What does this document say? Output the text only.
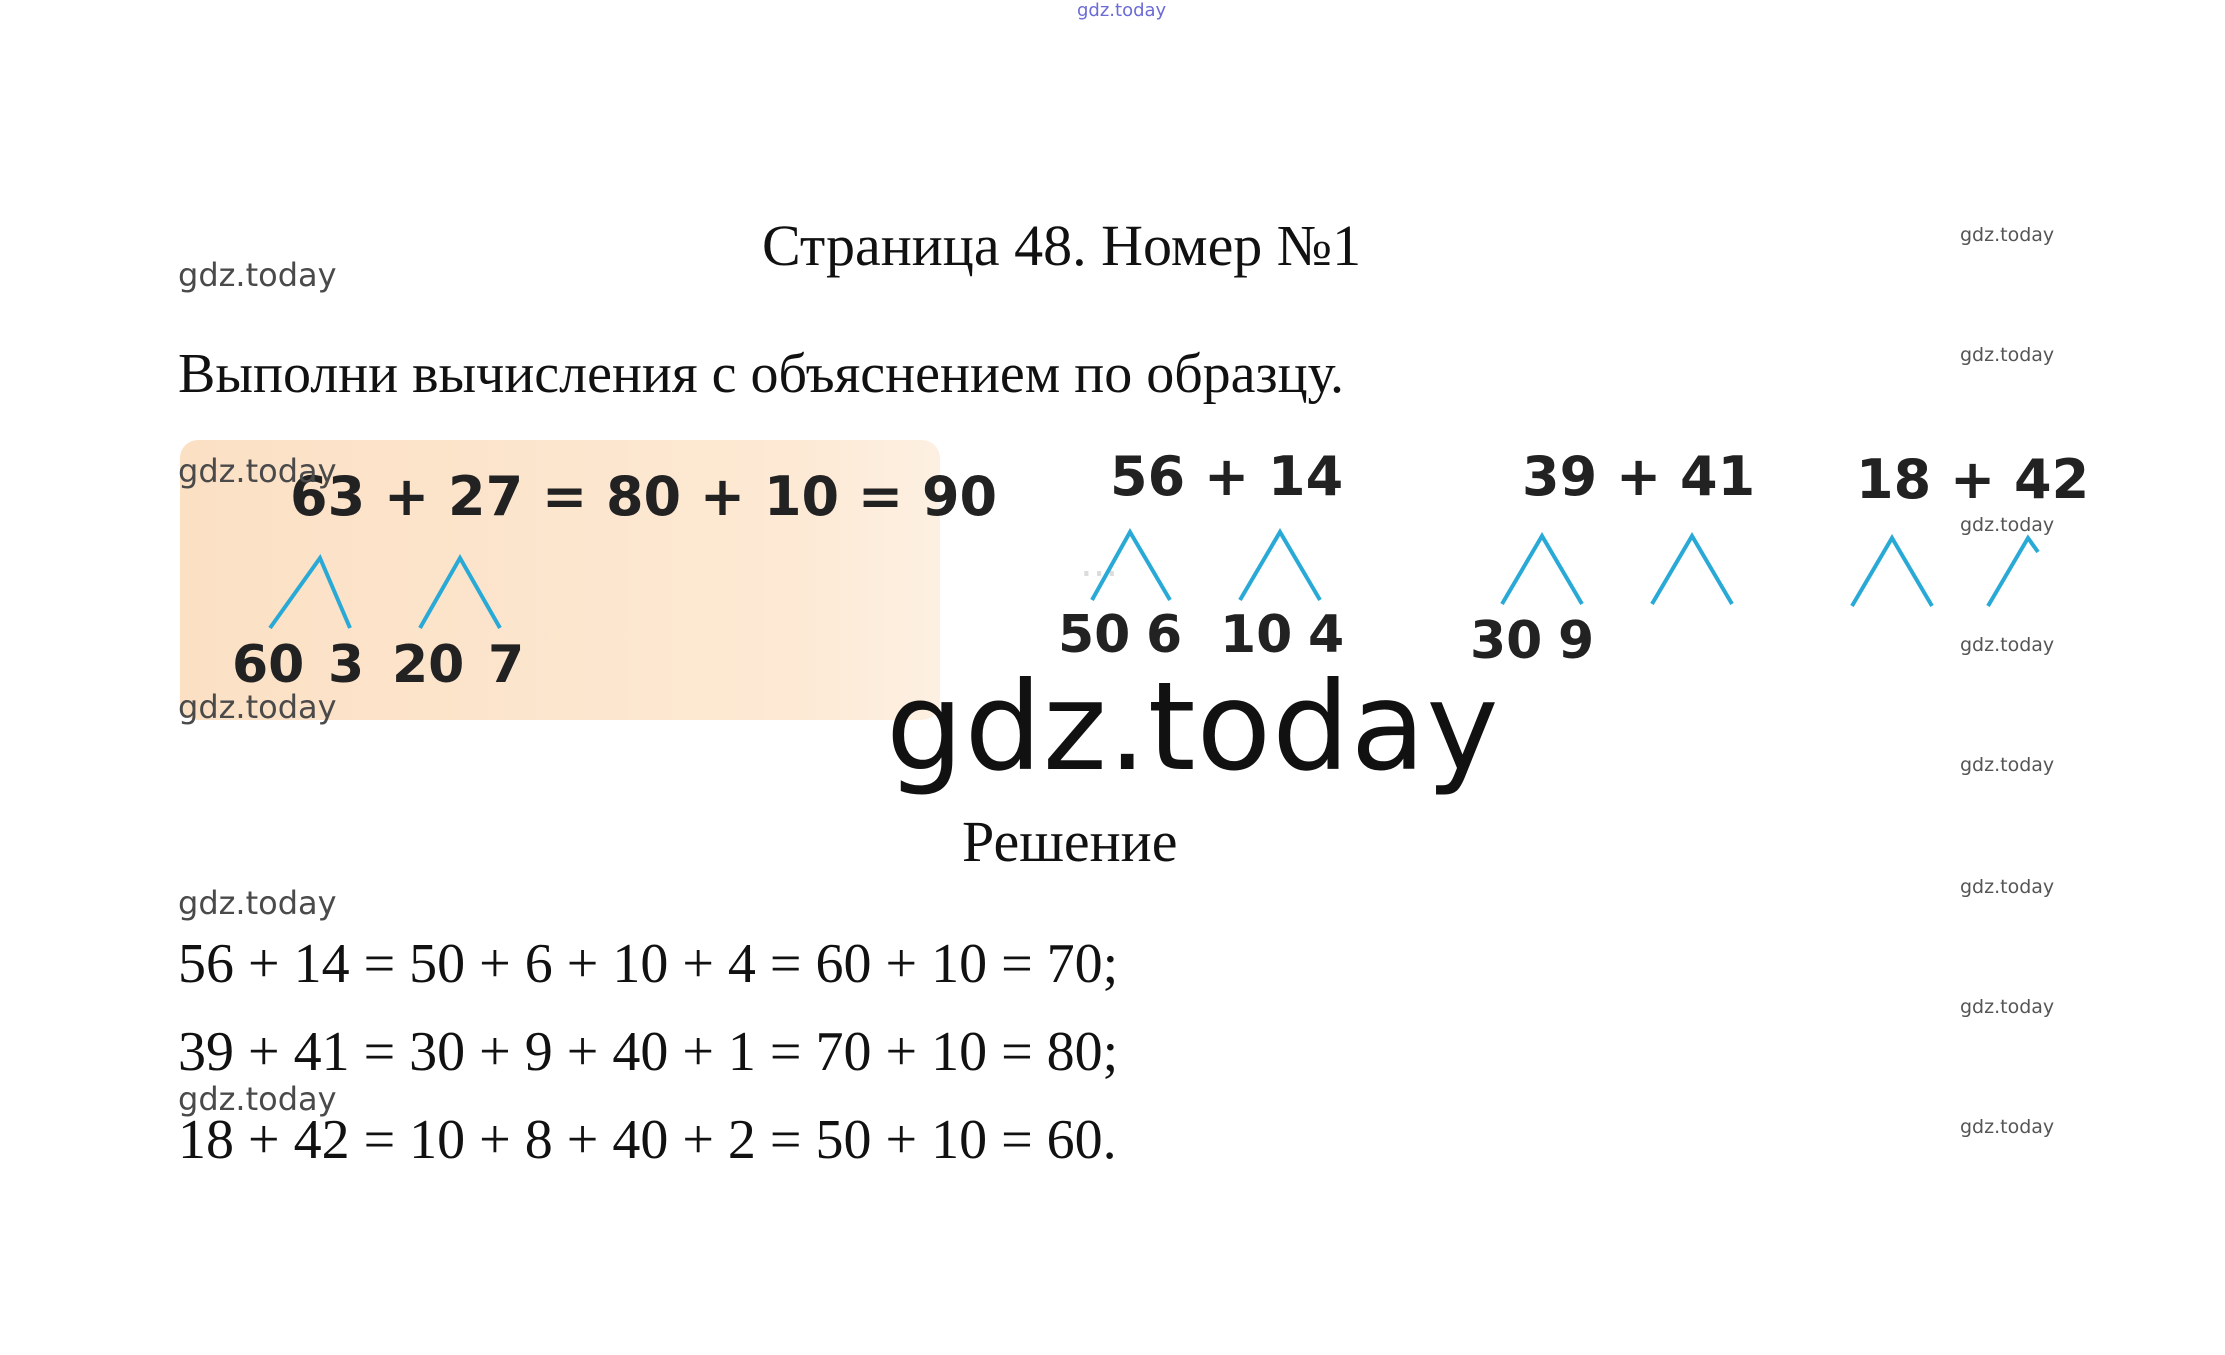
gdz.today
Страница 48. Номер №1
Выполни вычисления с объяснением по образцу.
...
63 + 27 = 80 + 10 = 90
60 3 20 7
56 + 14
50 6 10 4
39 + 41
30 9
18 + 42
gdz.today
Решение
56 + 14 = 50 + 6 + 10 + 4 = 60 + 10 = 70;
39 + 41 = 30 + 9 + 40 + 1 = 70 + 10 = 80;
18 + 42 = 10 + 8 + 40 + 2 = 50 + 10 = 60.
gdz.today
gdz.today
gdz.today
gdz.today
gdz.today
gdz.today
gdz.today
gdz.today
gdz.today
gdz.today
gdz.today
gdz.today
gdz.today
